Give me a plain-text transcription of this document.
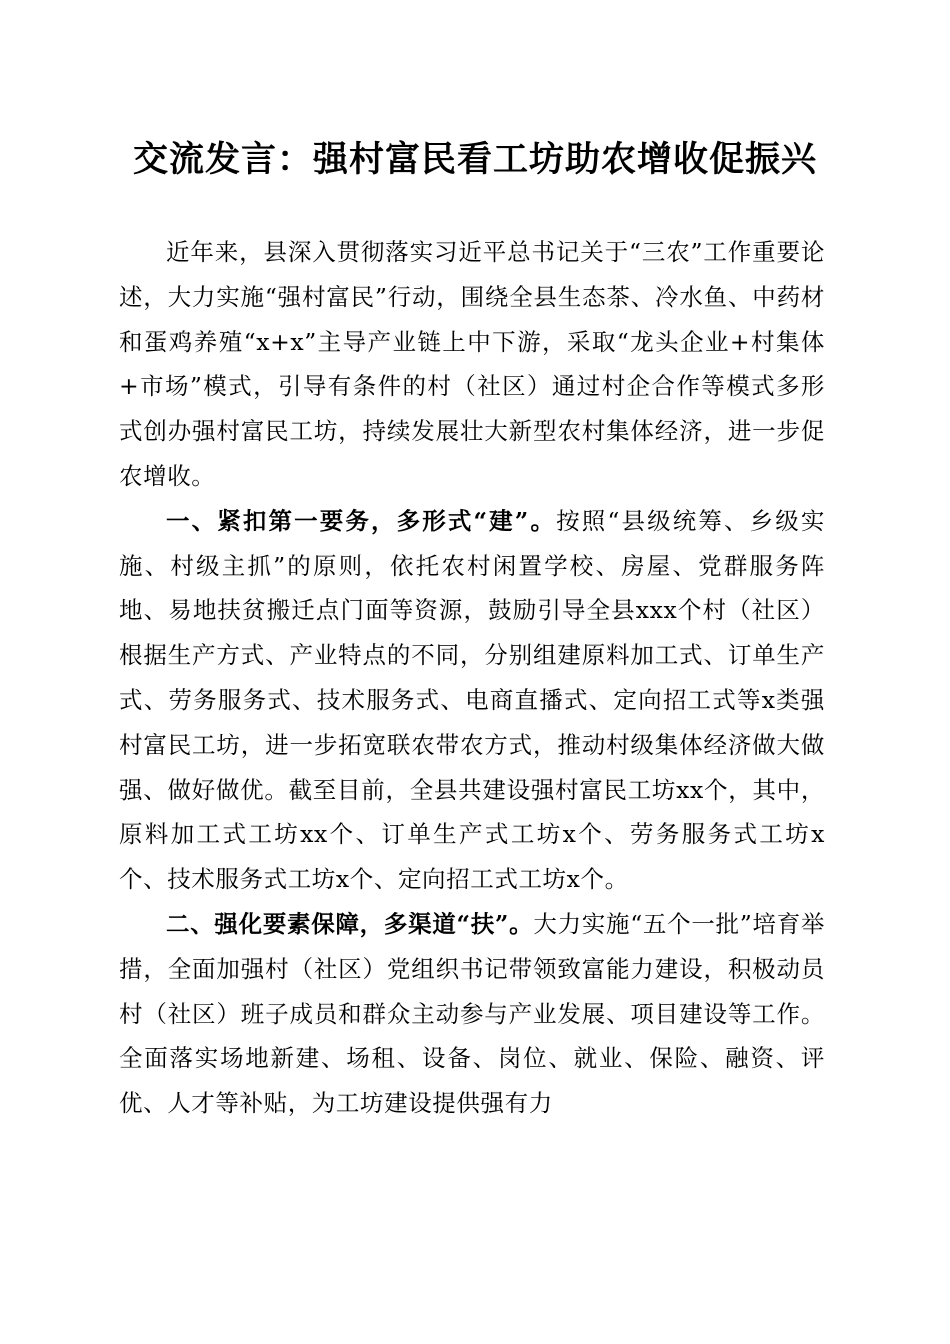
交流发言：强村富民看工坊助农增收促振兴

近年来，县深入贯彻落实习近平总书记关于“三农”工作重要论述，大力实施“强村富民”行动，围绕全县生态茶、冷水鱼、中药材和蛋鸡养殖“x+x”主导产业链上中下游，采取“龙头企业+村集体+市场”模式，引导有条件的村（社区）通过村企合作等模式多形式创办强村富民工坊，持续发展壮大新型农村集体经济，进一步促农增收。

一、紧扣第一要务，多形式“建”。按照“县级统筹、乡级实施、村级主抓”的原则，依托农村闲置学校、房屋、党群服务阵地、易地扶贫搬迁点门面等资源，鼓励引导全县xxx个村（社区）根据生产方式、产业特点的不同，分别组建原料加工式、订单生产式、劳务服务式、技术服务式、电商直播式、定向招工式等x类强村富民工坊，进一步拓宽联农带农方式，推动村级集体经济做大做强、做好做优。截至目前，全县共建设强村富民工坊xx个，其中，原料加工式工坊xx个、订单生产式工坊x个、劳务服务式工坊x个、技术服务式工坊x个、定向招工式工坊x个。

二、强化要素保障，多渠道“扶”。大力实施“五个一批”培育举措，全面加强村（社区）党组织书记带领致富能力建设，积极动员村（社区）班子成员和群众主动参与产业发展、项目建设等工作。全面落实场地新建、场租、设备、岗位、就业、保险、融资、评优、人才等补贴，为工坊建设提供强有力
